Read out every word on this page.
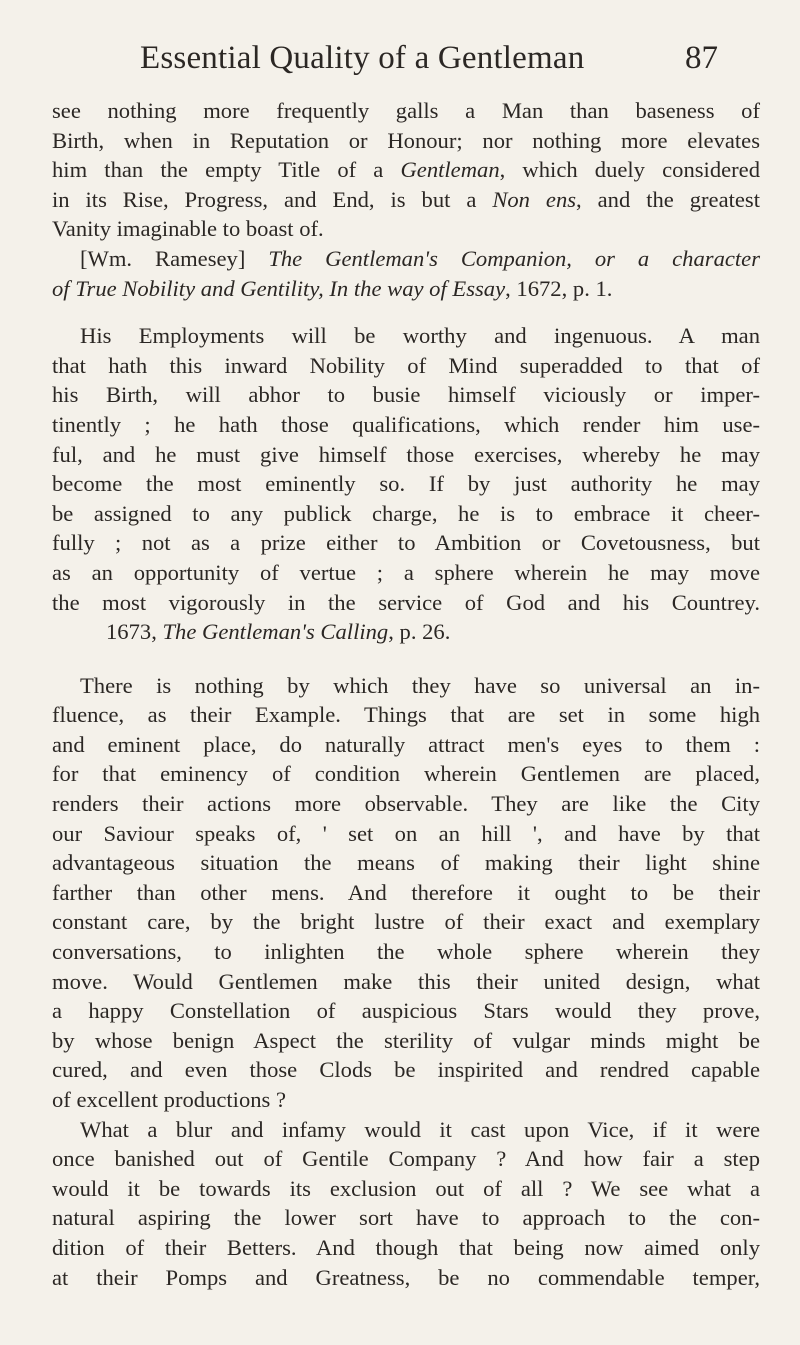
Essential Quality of a Gentleman	87
see nothing more frequently galls a Man than baseness of
Birth, when in Reputation or Honour; nor nothing more elevates
him than the empty Title of a Gentleman, which duely considered
in its Rise, Progress, and End, is but a Non ens, and the greatest
Vanity imaginable to boast of.
[Wm. Ramesey] The Gentleman's Companion, or a character
of True Nobility and Gentility, In the way of Essay, 1672, p. 1.
His Employments will be worthy and ingenuous. A man
that hath this inward Nobility of Mind superadded to that of
his Birth, will abhor to busie himself viciously or imper-
tinently ; he hath those qualifications, which render him use-
ful, and he must give himself those exercises, whereby he may
become the most eminently so. If by just authority he may
be assigned to any publick charge, he is to embrace it cheer-
fully ; not as a prize either to Ambition or Covetousness, but
as an opportunity of vertue ; a sphere wherein he may move
the most vigorously in the service of God and his Countrey.
1673, The Gentleman's Calling, p. 26.
There is nothing by which they have so universal an in-
fluence, as their Example. Things that are set in some high
and eminent place, do naturally attract men's eyes to them :
for that eminency of condition wherein Gentlemen are placed,
renders their actions more observable. They are like the City
our Saviour speaks of, ' set on an hill ', and have by that
advantageous situation the means of making their light shine
farther than other mens. And therefore it ought to be their
constant care, by the bright lustre of their exact and exemplary
conversations, to inlighten the whole sphere wherein they
move. Would Gentlemen make this their united design, what
a happy Constellation of auspicious Stars would they prove,
by whose benign Aspect the sterility of vulgar minds might be
cured, and even those Clods be inspirited and rendred capable
of excellent productions ?
What a blur and infamy would it cast upon Vice, if it were
once banished out of Gentile Company ? And how fair a step
would it be towards its exclusion out of all ? We see what a
natural aspiring the lower sort have to approach to the con-
dition of their Betters. And though that being now aimed only
at their Pomps and Greatness, be no commendable temper,
